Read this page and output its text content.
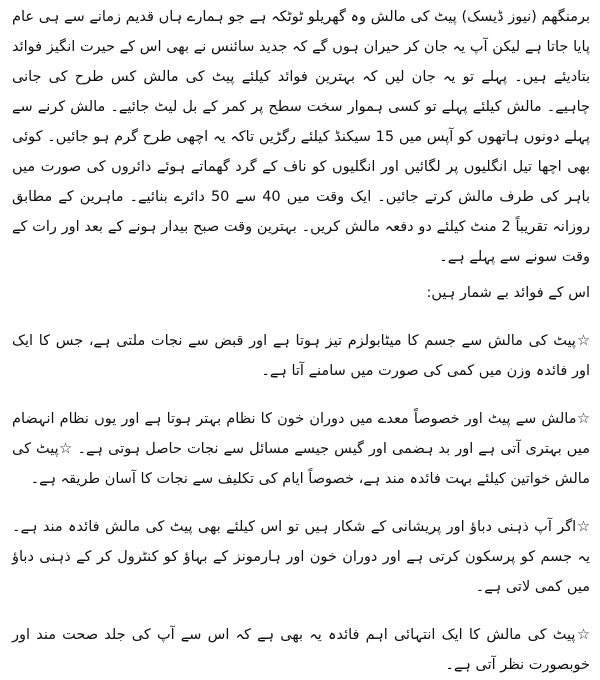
برمنگھم (نیوز ڈیسک) پیٹ کی مالش وہ گھریلو ٹوٹکہ ہے جو ہمارے ہاں قدیم زمانے سے ہی عام پایا جاتا ہے لیکن آپ یہ جان کر حیران ہوں گے کہ جدید سائنس نے بھی اس کے حیرت انگیز فوائد بتادیئے ہیں۔ پہلے تو یہ جان لیں کہ بہترین فوائد کیلئے پیٹ کی مالش کس طرح کی جانی چاہیے۔ مالش کیلئے پہلے تو کسی ہموار سخت سطح پر کمر کے بل لیٹ جائیے۔ مالش کرنے سے پہلے دونوں ہاتھوں کو آپس میں 15 سیکنڈ کیلئے رگڑیں تاکہ یہ اچھی طرح گرم ہو جائیں۔ کوئی بھی اچھا تیل انگلیوں پر لگائیں اور انگلیوں کو ناف کے گرد گھماتے ہوئے دائروں کی صورت میں باہر کی طرف مالش کرتے جائیں۔ ایک وقت میں 40 سے 50 دائرے بنائیے۔ ماہرین کے مطابق روزانہ تقریباً 2 منٹ کیلئے دو دفعہ مالش کریں۔ بہترین وقت صبح بیدار ہونے کے بعد اور رات کے وقت سونے سے پہلے ہے۔

اس کے فوائد بے شمار ہیں:

☆پیٹ کی مالش سے جسم کا میٹابولزم تیز ہوتا ہے اور قبض سے نجات ملتی ہے، جس کا ایک اور فائدہ وزن میں کمی کی صورت میں سامنے آتا ہے۔

☆مالش سے پیٹ اور خصوصاً معدے میں دوران خون کا نظام بہتر ہوتا ہے اور یوں نظام انہضام میں بہتری آتی ہے اور بد ہضمی اور گیس جیسے مسائل سے نجات حاصل ہوتی ہے۔ ☆پیٹ کی مالش خواتین کیلئے بہت فائدہ مند ہے، خصوصاً ایام کی تکلیف سے نجات کا آسان طریقہ ہے۔

☆اگر آپ ذہنی دباؤ اور پریشانی کے شکار ہیں تو اس کیلئے بھی پیٹ کی مالش فائدہ مند ہے۔ یہ جسم کو پرسکون کرتی ہے اور دوران خون اور ہارمونز کے بہاؤ کو کنٹرول کر کے ذہنی دباؤ میں کمی لاتی ہے۔

☆پیٹ کی مالش کا ایک انتہائی اہم فائدہ یہ بھی ہے کہ اس سے آپ کی جلد صحت مند اور خوبصورت نظر آتی ہے۔
